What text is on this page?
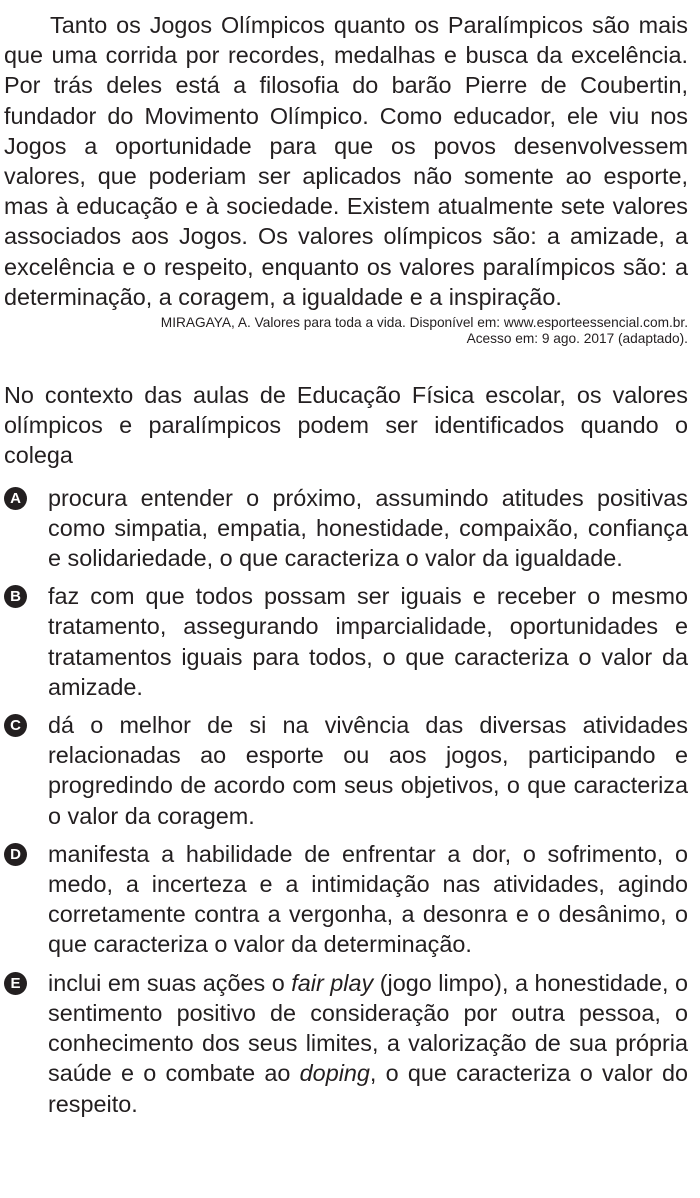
Tanto os Jogos Olímpicos quanto os Paralímpicos são mais que uma corrida por recordes, medalhas e busca da excelência. Por trás deles está a filosofia do barão Pierre de Coubertin, fundador do Movimento Olímpico. Como educador, ele viu nos Jogos a oportunidade para que os povos desenvolvessem valores, que poderiam ser aplicados não somente ao esporte, mas à educação e à sociedade. Existem atualmente sete valores associados aos Jogos. Os valores olímpicos são: a amizade, a excelência e o respeito, enquanto os valores paralímpicos são: a determinação, a coragem, a igualdade e a inspiração.

MIRAGAYA, A. Valores para toda a vida. Disponível em: www.esporteessencial.com.br.
Acesso em: 9 ago. 2017 (adaptado).

No contexto das aulas de Educação Física escolar, os valores olímpicos e paralímpicos podem ser identificados quando o colega

A procura entender o próximo, assumindo atitudes positivas como simpatia, empatia, honestidade, compaixão, confiança e solidariedade, o que caracteriza o valor da igualdade.
B faz com que todos possam ser iguais e receber o mesmo tratamento, assegurando imparcialidade, oportunidades e tratamentos iguais para todos, o que caracteriza o valor da amizade.
C dá o melhor de si na vivência das diversas atividades relacionadas ao esporte ou aos jogos, participando e progredindo de acordo com seus objetivos, o que caracteriza o valor da coragem.
D manifesta a habilidade de enfrentar a dor, o sofrimento, o medo, a incerteza e a intimidação nas atividades, agindo corretamente contra a vergonha, a desonra e o desânimo, o que caracteriza o valor da determinação.
E inclui em suas ações o fair play (jogo limpo), a honestidade, o sentimento positivo de consideração por outra pessoa, o conhecimento dos seus limites, a valorização de sua própria saúde e o combate ao doping, o que caracteriza o valor do respeito.
